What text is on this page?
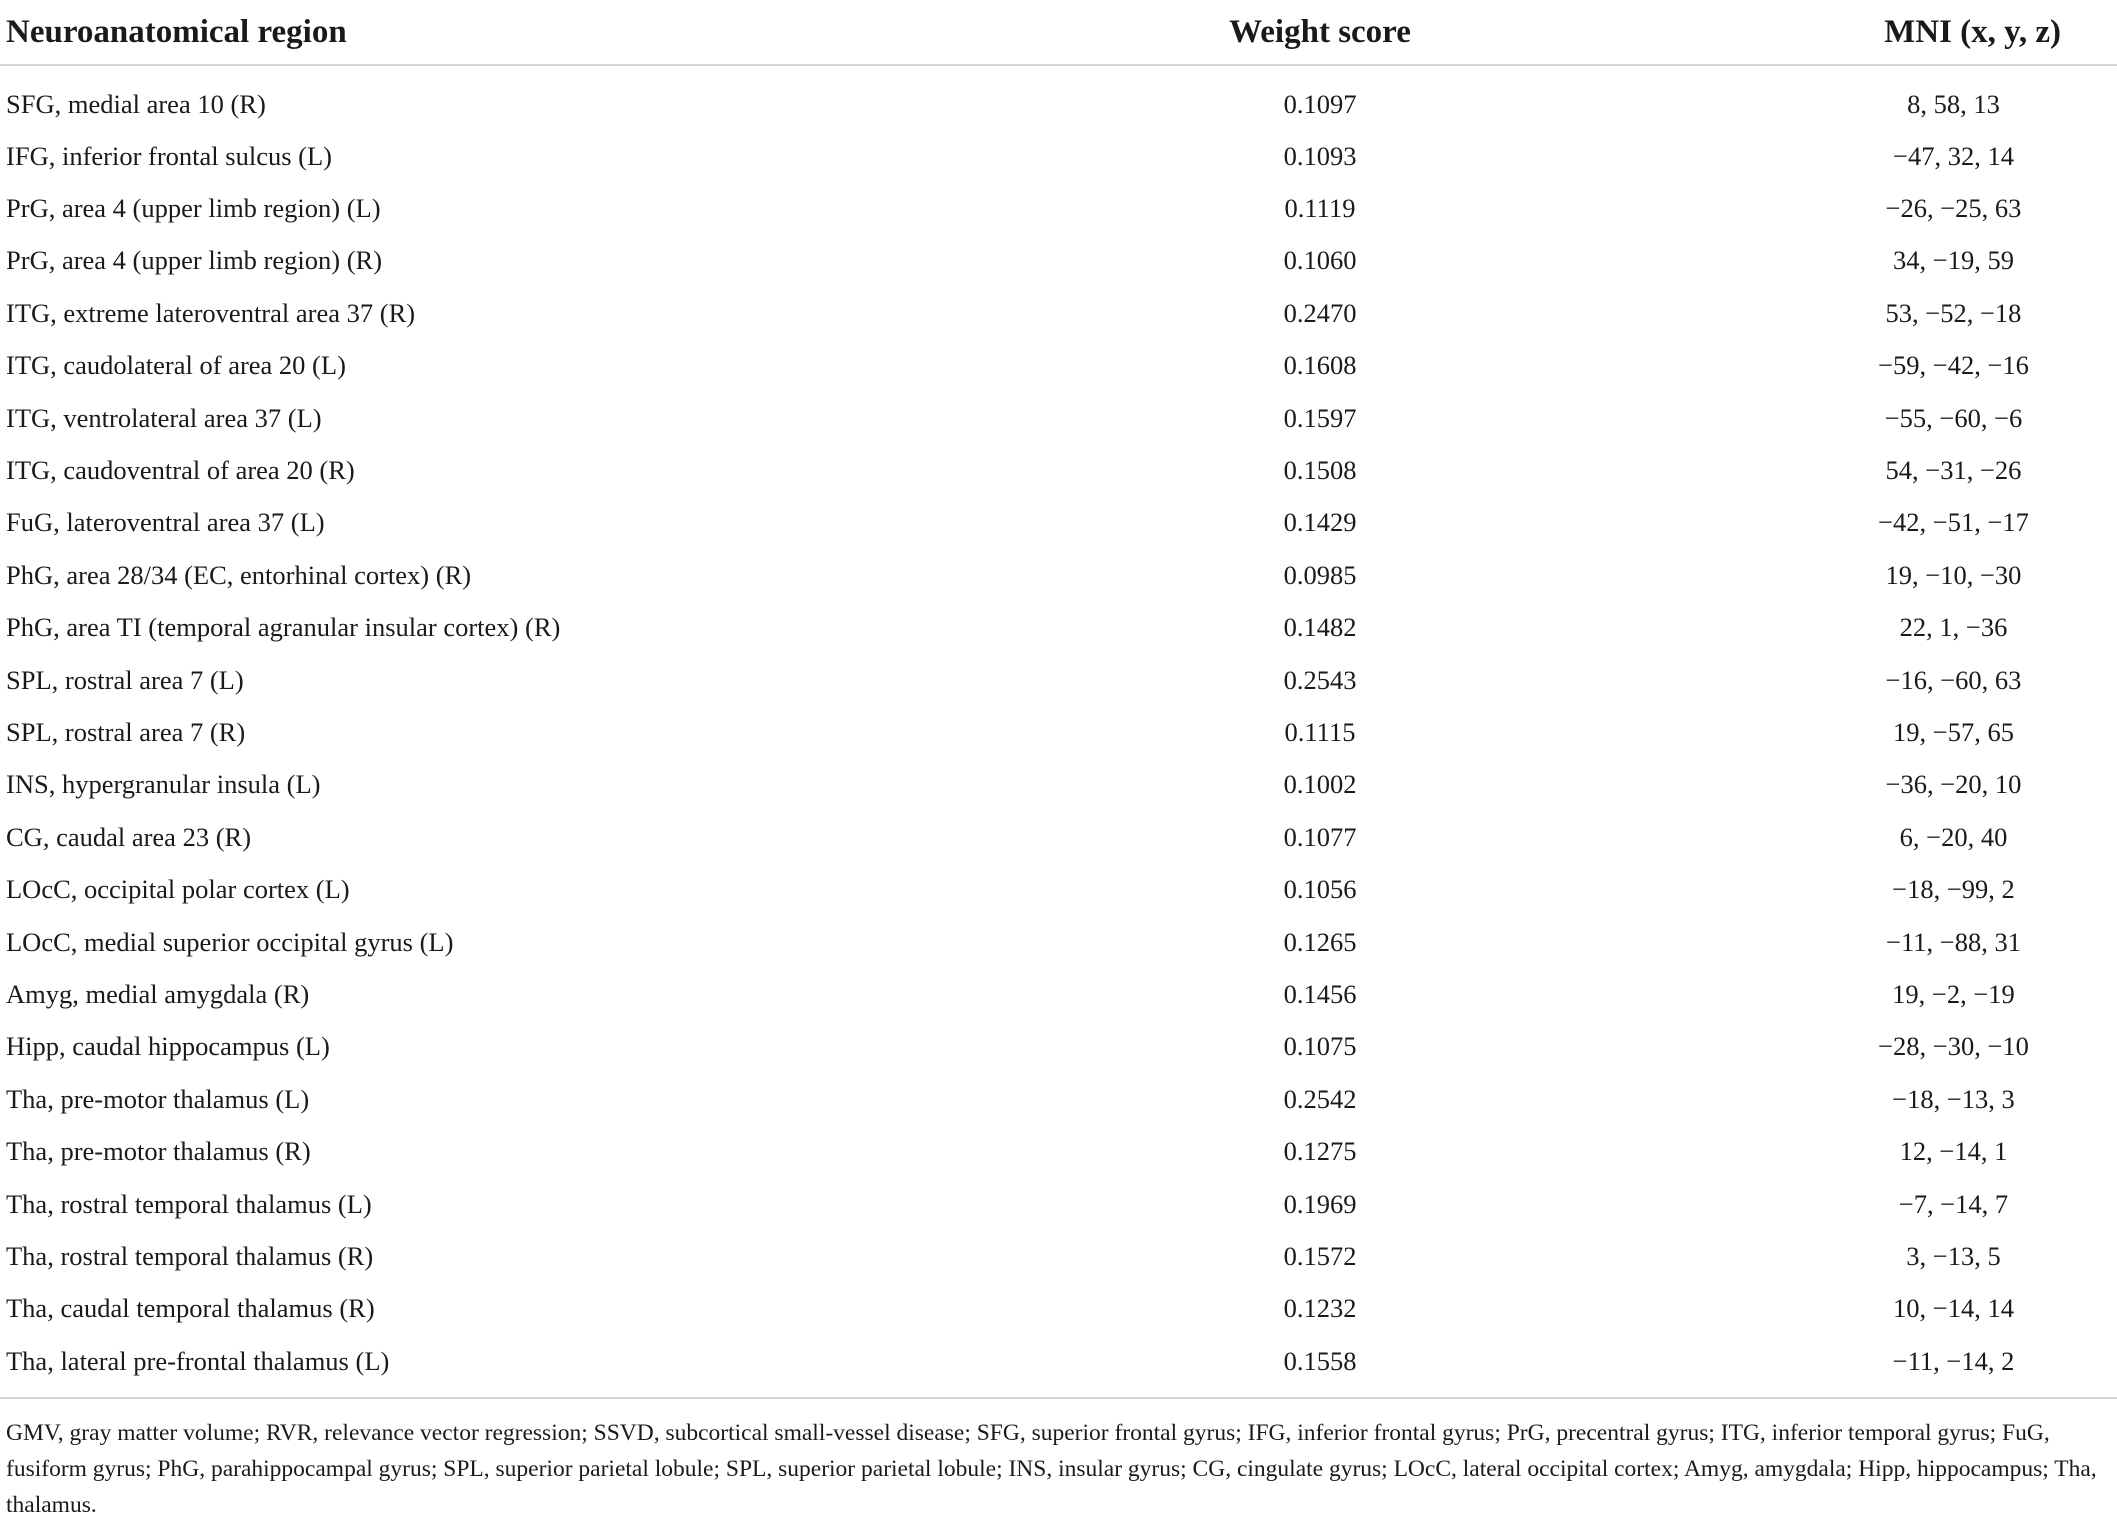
Neuroanatomical region	Weight score	MNI (x, y, z)
SFG, medial area 10 (R)	0.1097	8, 58, 13
IFG, inferior frontal sulcus (L)	0.1093	−47, 32, 14
PrG, area 4 (upper limb region) (L)	0.1119	−26, −25, 63
PrG, area 4 (upper limb region) (R)	0.1060	34, −19, 59
ITG, extreme lateroventral area 37 (R)	0.2470	53, −52, −18
ITG, caudolateral of area 20 (L)	0.1608	−59, −42, −16
ITG, ventrolateral area 37 (L)	0.1597	−55, −60, −6
ITG, caudoventral of area 20 (R)	0.1508	54, −31, −26
FuG, lateroventral area 37 (L)	0.1429	−42, −51, −17
PhG, area 28/34 (EC, entorhinal cortex) (R)	0.0985	19, −10, −30
PhG, area TI (temporal agranular insular cortex) (R)	0.1482	22, 1, −36
SPL, rostral area 7 (L)	0.2543	−16, −60, 63
SPL, rostral area 7 (R)	0.1115	19, −57, 65
INS, hypergranular insula (L)	0.1002	−36, −20, 10
CG, caudal area 23 (R)	0.1077	6, −20, 40
LOcC, occipital polar cortex (L)	0.1056	−18, −99, 2
LOcC, medial superior occipital gyrus (L)	0.1265	−11, −88, 31
Amyg, medial amygdala (R)	0.1456	19, −2, −19
Hipp, caudal hippocampus (L)	0.1075	−28, −30, −10
Tha, pre-motor thalamus (L)	0.2542	−18, −13, 3
Tha, pre-motor thalamus (R)	0.1275	12, −14, 1
Tha, rostral temporal thalamus (L)	0.1969	−7, −14, 7
Tha, rostral temporal thalamus (R)	0.1572	3, −13, 5
Tha, caudal temporal thalamus (R)	0.1232	10, −14, 14
Tha, lateral pre-frontal thalamus (L)	0.1558	−11, −14, 2
GMV, gray matter volume; RVR, relevance vector regression; SSVD, subcortical small-vessel disease; SFG, superior frontal gyrus; IFG, inferior frontal gyrus; PrG, precentral gyrus; ITG, inferior temporal gyrus; FuG, fusiform gyrus; PhG, parahippocampal gyrus; SPL, superior parietal lobule; SPL, superior parietal lobule; INS, insular gyrus; CG, cingulate gyrus; LOcC, lateral occipital cortex; Amyg, amygdala; Hipp, hippocampus; Tha, thalamus.
